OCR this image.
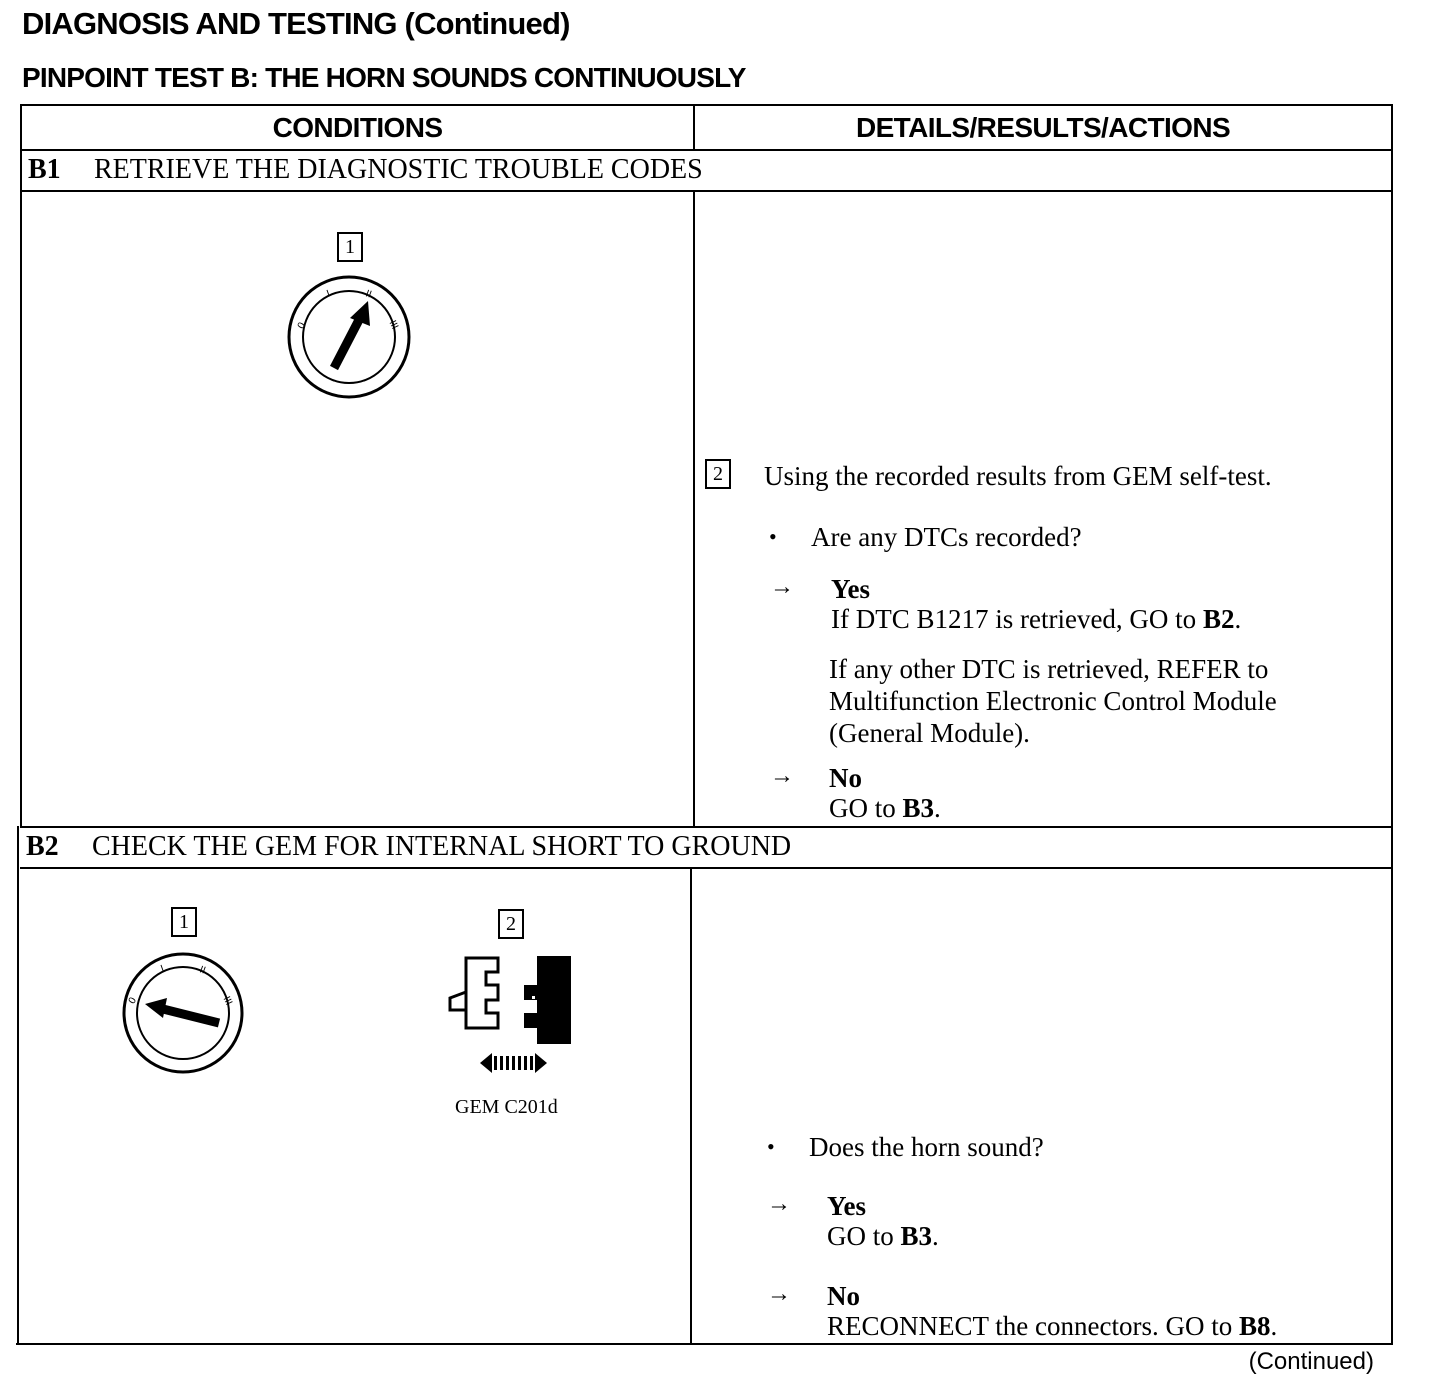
DIAGNOSIS AND TESTING (Continued)
PINPOINT TEST B: THE HORN SOUNDS CONTINUOUSLY
CONDITIONS	DETAILS/RESULTS/ACTIONS
B1 RETRIEVE THE DIAGNOSTIC TROUBLE CODES
1
0
I	II
III
2 Using the recorded results from GEM self-test.
• Are any DTCs recorded?
→ Yes
If DTC B1217 is retrieved, GO to B2.
If any other DTC is retrieved, REFER to
Multifunction Electronic Control Module
(General Module).
→ No
GO to B3.
B2 CHECK THE GEM FOR INTERNAL SHORT TO GROUND
1
0
I	II
III
2
GEM C201d
• Does the horn sound?
→ Yes
GO to B3.
→ No
RECONNECT the connectors. GO to B8.
(Continued)
